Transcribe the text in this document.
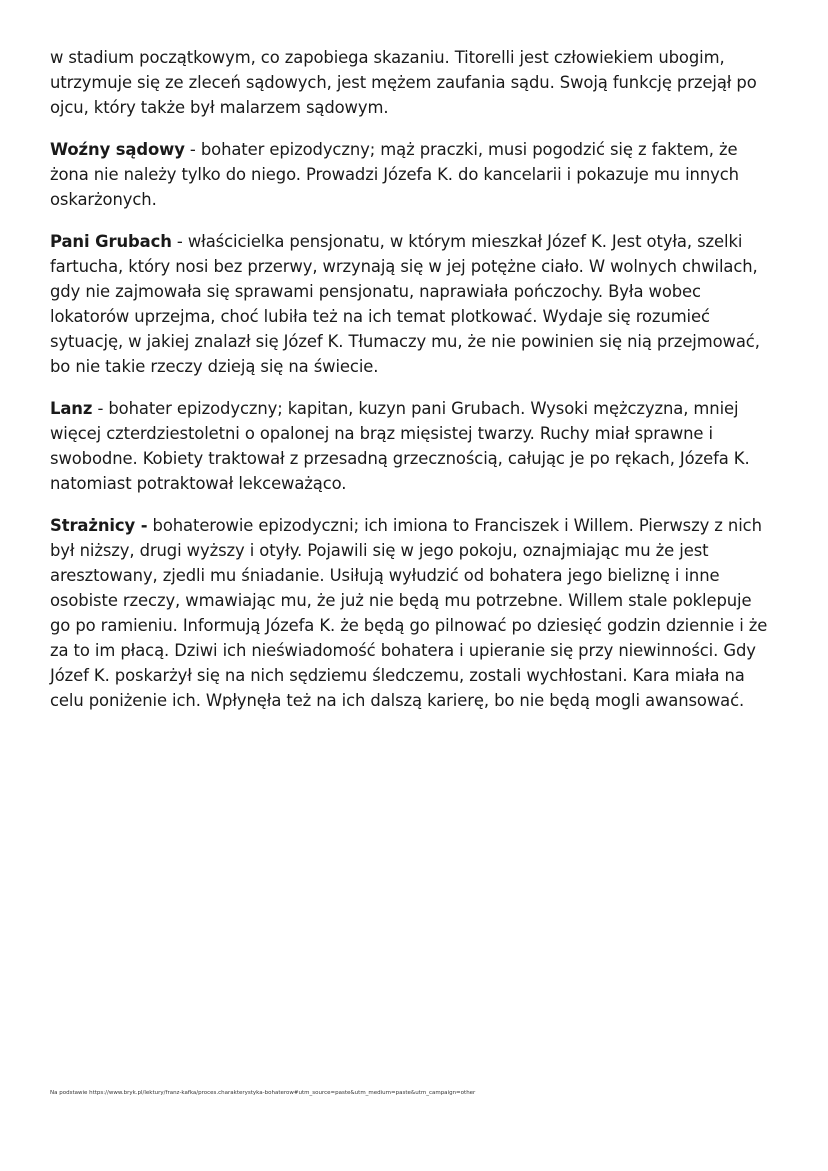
w stadium początkowym, co zapobiega skazaniu. Titorelli jest człowiekiem ubogim, utrzymuje się ze zleceń sądowych, jest mężem zaufania sądu. Swoją funkcję przejął po ojcu, który także był malarzem sądowym.

Woźny sądowy - bohater epizodyczny; mąż praczki, musi pogodzić się z faktem, że żona nie należy tylko do niego. Prowadzi Józefa K. do kancelarii i pokazuje mu innych oskarżonych.

Pani Grubach - właścicielka pensjonatu, w którym mieszkał Józef K. Jest otyła, szelki fartucha, który nosi bez przerwy, wrzynają się w jej potężne ciało. W wolnych chwilach, gdy nie zajmowała się sprawami pensjonatu, naprawiała pończochy. Była wobec lokatorów uprzejma, choć lubiła też na ich temat plotkować. Wydaje się rozumieć sytuację, w jakiej znalazł się Józef K. Tłumaczy mu, że nie powinien się nią przejmować, bo nie takie rzeczy dzieją się na świecie.

Lanz - bohater epizodyczny; kapitan, kuzyn pani Grubach. Wysoki mężczyzna, mniej więcej czterdziestoletni o opalonej na brąz mięsistej twarzy. Ruchy miał sprawne i swobodne. Kobiety traktował z przesadną grzecznością, całując je po rękach, Józefa K. natomiast potraktował lekceważąco.

Strażnicy - bohaterowie epizodyczni; ich imiona to Franciszek i Willem. Pierwszy z nich był niższy, drugi wyższy i otyły. Pojawili się w jego pokoju, oznajmiając mu że jest aresztowany, zjedli mu śniadanie. Usiłują wyłudzić od bohatera jego bieliznę i inne osobiste rzeczy, wmawiając mu, że już nie będą mu potrzebne. Willem stale poklepuje go po ramieniu. Informują Józefa K. że będą go pilnować po dziesięć godzin dziennie i że za to im płacą. Dziwi ich nieświadomość bohatera i upieranie się przy niewinności. Gdy Józef K. poskarżył się na nich sędziemu śledczemu, zostali wychłostani. Kara miała na celu poniżenie ich. Wpłynęła też na ich dalszą karierę, bo nie będą mogli awansować.

Na podstawie https://www.bryk.pl/lektury/franz-kafka/proces.charakterystyka-bohaterow#utm_source=paste&utm_medium=paste&utm_campaign=other
